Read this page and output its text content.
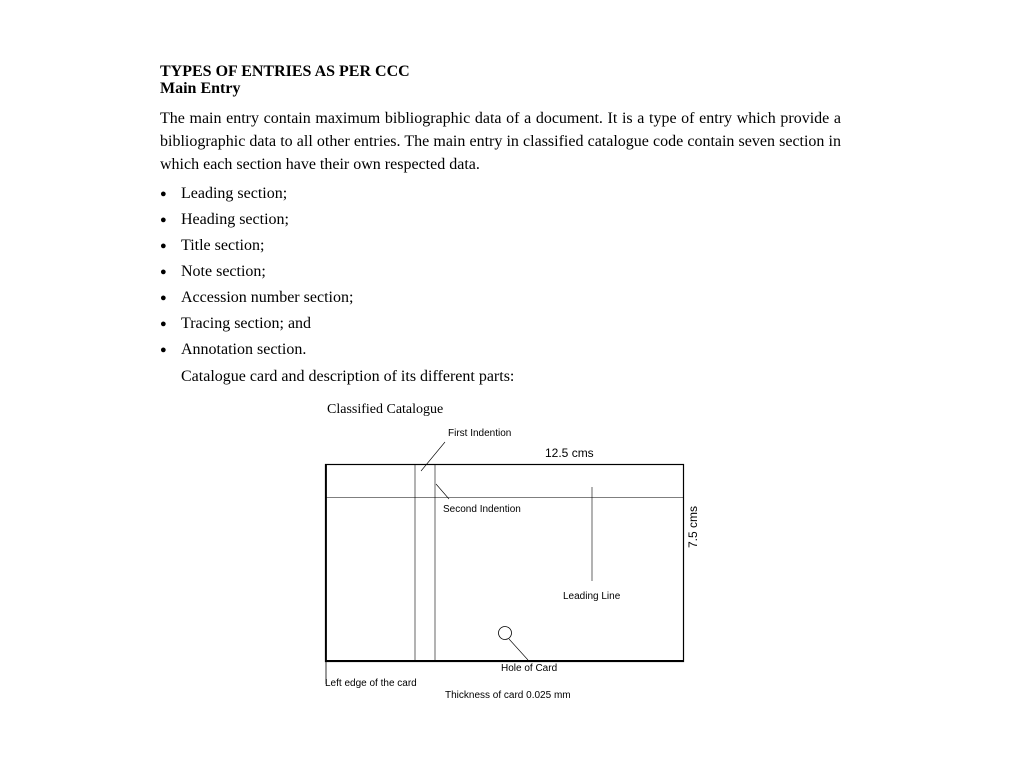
TYPES OF ENTRIES AS PER CCC
Main Entry

The main entry contain maximum bibliographic data of a document. It is a type of entry which provide a bibliographic data to all other entries. The main entry in classified catalogue code contain seven section in which each section have their own respected data.

● Leading section;
● Heading section;
● Title section;
● Note section;
● Accession number section;
● Tracing section; and
● Annotation section.
Catalogue card and description of its different parts:
Classified Catalogue
First Indention
12.5 cms
Second Indention	7.5 cms
Leading Line
Hole of Card
Left edge of the card
Thickness of card 0.025 mm
